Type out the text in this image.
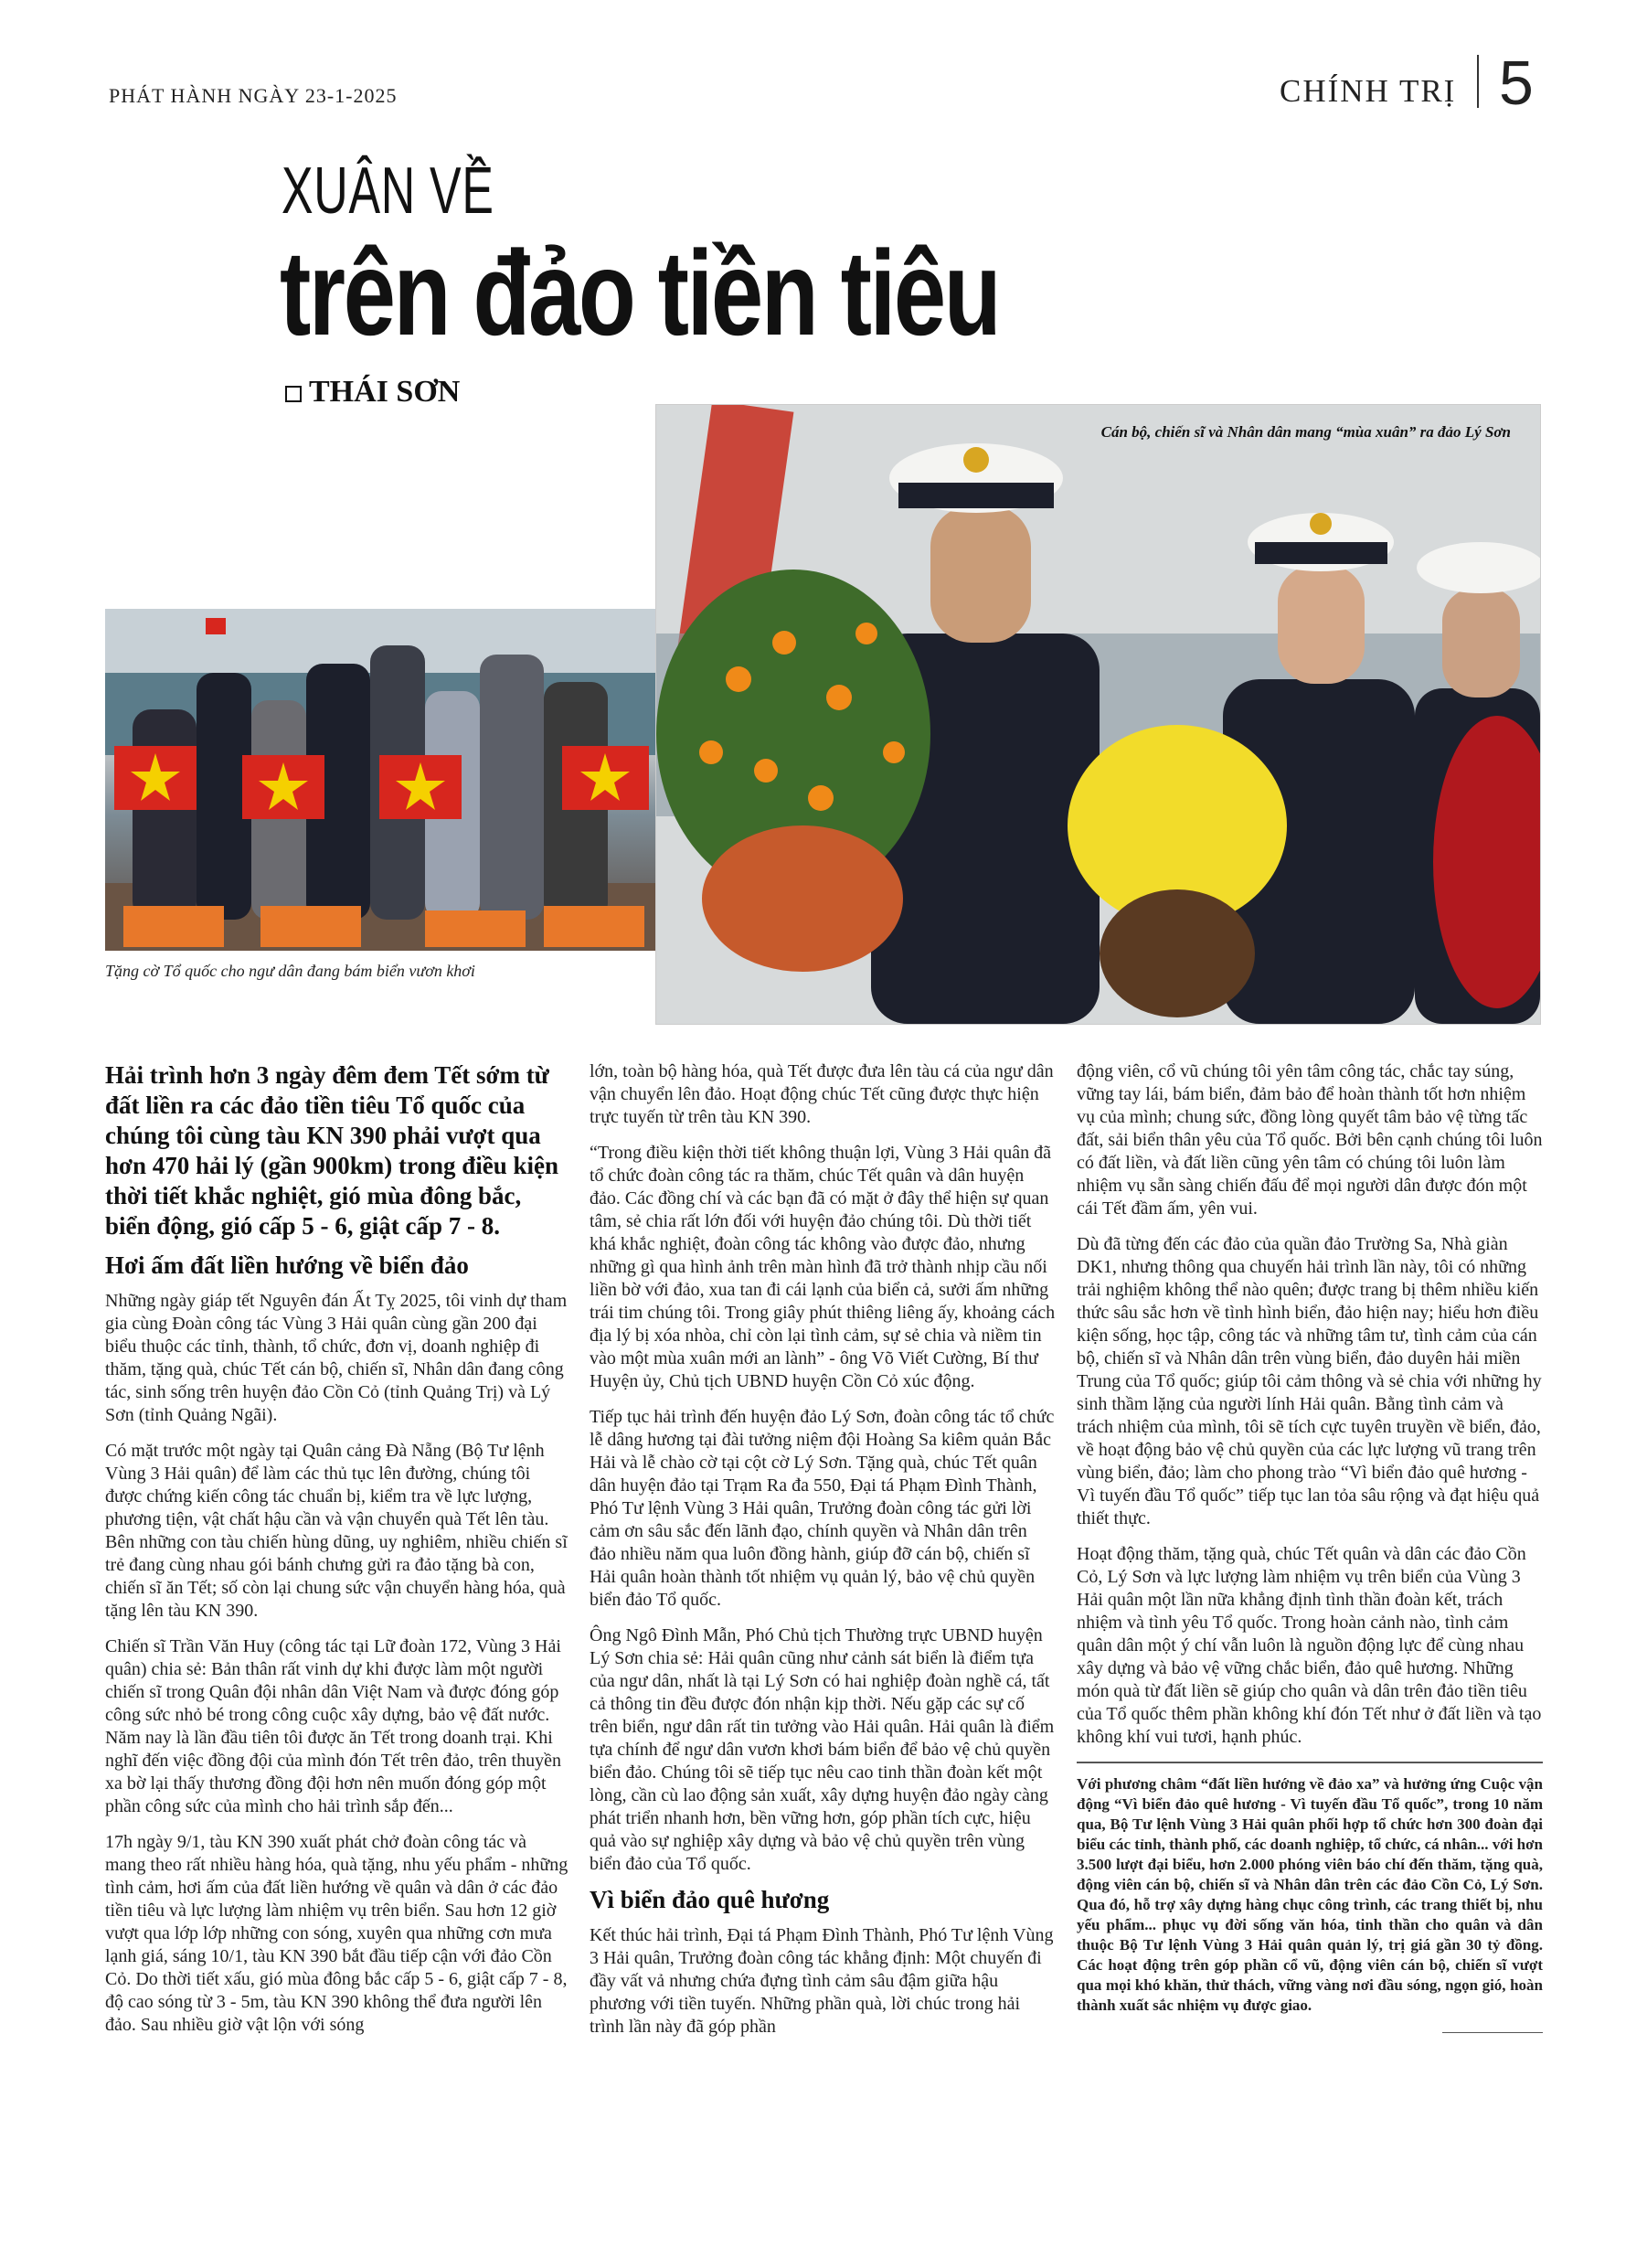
PHÁT HÀNH NGÀY 23-1-2025	CHÍNH TRỊ 5
XUÂN VỀ
trên đảo tiền tiêu
THÁI SƠN
Tặng cờ Tổ quốc cho ngư dân đang bám biển vươn khơi
Cán bộ, chiến sĩ và Nhân dân mang “mùa xuân” ra đảo Lý Sơn

Hải trình hơn 3 ngày đêm đem Tết sớm từ đất liền ra các đảo tiền tiêu Tổ quốc của chúng tôi cùng tàu KN 390 phải vượt qua hơn 470 hải lý (gần 900km) trong điều kiện thời tiết khắc nghiệt, gió mùa đông bắc, biển động, gió cấp 5 - 6, giật cấp 7 - 8.

Hơi ấm đất liền hướng về biển đảo

Những ngày giáp tết Nguyên đán Ất Tỵ 2025, tôi vinh dự tham gia cùng Đoàn công tác Vùng 3 Hải quân cùng gần 200 đại biểu thuộc các tỉnh, thành, tổ chức, đơn vị, doanh nghiệp đi thăm, tặng quà, chúc Tết cán bộ, chiến sĩ, Nhân dân đang công tác, sinh sống trên huyện đảo Cồn Cỏ (tỉnh Quảng Trị) và Lý Sơn (tỉnh Quảng Ngãi).

Có mặt trước một ngày tại Quân cảng Đà Nẵng (Bộ Tư lệnh Vùng 3 Hải quân) để làm các thủ tục lên đường, chúng tôi được chứng kiến công tác chuẩn bị, kiểm tra về lực lượng, phương tiện, vật chất hậu cần và vận chuyển quà Tết lên tàu. Bên những con tàu chiến hùng dũng, uy nghiêm, nhiều chiến sĩ trẻ đang cùng nhau gói bánh chưng gửi ra đảo tặng bà con, chiến sĩ ăn Tết; số còn lại chung sức vận chuyển hàng hóa, quà tặng lên tàu KN 390.

Chiến sĩ Trần Văn Huy (công tác tại Lữ đoàn 172, Vùng 3 Hải quân) chia sẻ: Bản thân rất vinh dự khi được làm một người chiến sĩ trong Quân đội nhân dân Việt Nam và được đóng góp công sức nhỏ bé trong công cuộc xây dựng, bảo vệ đất nước. Năm nay là lần đầu tiên tôi được ăn Tết trong doanh trại. Khi nghĩ đến việc đồng đội của mình đón Tết trên đảo, trên thuyền xa bờ lại thấy thương đồng đội hơn nên muốn đóng góp một phần công sức của mình cho hải trình sắp đến...

17h ngày 9/1, tàu KN 390 xuất phát chở đoàn công tác và mang theo rất nhiều hàng hóa, quà tặng, nhu yếu phẩm - những tình cảm, hơi ấm của đất liền hướng về quân và dân ở các đảo tiền tiêu và lực lượng làm nhiệm vụ trên biển. Sau hơn 12 giờ vượt qua lớp lớp những con sóng, xuyên qua những cơn mưa lạnh giá, sáng 10/1, tàu KN 390 bắt đầu tiếp cận với đảo Cồn Cỏ. Do thời tiết xấu, gió mùa đông bắc cấp 5 - 6, giật cấp 7 - 8, độ cao sóng từ 3 - 5m, tàu KN 390 không thể đưa người lên đảo. Sau nhiều giờ vật lộn với sóng

lớn, toàn bộ hàng hóa, quà Tết được đưa lên tàu cá của ngư dân vận chuyển lên đảo. Hoạt động chúc Tết cũng được thực hiện trực tuyến từ trên tàu KN 390.

“Trong điều kiện thời tiết không thuận lợi, Vùng 3 Hải quân đã tổ chức đoàn công tác ra thăm, chúc Tết quân và dân huyện đảo. Các đồng chí và các bạn đã có mặt ở đây thể hiện sự quan tâm, sẻ chia rất lớn đối với huyện đảo chúng tôi. Dù thời tiết khá khắc nghiệt, đoàn công tác không vào được đảo, nhưng những gì qua hình ảnh trên màn hình đã trở thành nhịp cầu nối liền bờ với đảo, xua tan đi cái lạnh của biển cả, sưởi ấm những trái tim chúng tôi. Trong giây phút thiêng liêng ấy, khoảng cách địa lý bị xóa nhòa, chỉ còn lại tình cảm, sự sẻ chia và niềm tin vào một mùa xuân mới an lành” - ông Võ Viết Cường, Bí thư Huyện ủy, Chủ tịch UBND huyện Cồn Cỏ xúc động.

Tiếp tục hải trình đến huyện đảo Lý Sơn, đoàn công tác tổ chức lễ dâng hương tại đài tưởng niệm đội Hoàng Sa kiêm quản Bắc Hải và lễ chào cờ tại cột cờ Lý Sơn. Tặng quà, chúc Tết quân dân huyện đảo tại Trạm Ra đa 550, Đại tá Phạm Đình Thành, Phó Tư lệnh Vùng 3 Hải quân, Trưởng đoàn công tác gửi lời cảm ơn sâu sắc đến lãnh đạo, chính quyền và Nhân dân trên đảo nhiều năm qua luôn đồng hành, giúp đỡ cán bộ, chiến sĩ Hải quân hoàn thành tốt nhiệm vụ quản lý, bảo vệ chủ quyền biển đảo Tổ quốc.

Ông Ngô Đình Mẫn, Phó Chủ tịch Thường trực UBND huyện Lý Sơn chia sẻ: Hải quân cũng như cảnh sát biển là điểm tựa của ngư dân, nhất là tại Lý Sơn có hai nghiệp đoàn nghề cá, tất cả thông tin đều được đón nhận kịp thời. Nếu gặp các sự cố trên biển, ngư dân rất tin tưởng vào Hải quân. Hải quân là điểm tựa chính để ngư dân vươn khơi bám biển để bảo vệ chủ quyền biển đảo. Chúng tôi sẽ tiếp tục nêu cao tinh thần đoàn kết một lòng, cần cù lao động sản xuất, xây dựng huyện đảo ngày càng phát triển nhanh hơn, bền vững hơn, góp phần tích cực, hiệu quả vào sự nghiệp xây dựng và bảo vệ chủ quyền trên vùng biển đảo của Tổ quốc.

Vì biển đảo quê hương

Kết thúc hải trình, Đại tá Phạm Đình Thành, Phó Tư lệnh Vùng 3 Hải quân, Trưởng đoàn công tác khẳng định: Một chuyến đi đầy vất vả nhưng chứa đựng tình cảm sâu đậm giữa hậu phương với tiền tuyến. Những phần quà, lời chúc trong hải trình lần này đã góp phần

động viên, cổ vũ chúng tôi yên tâm công tác, chắc tay súng, vững tay lái, bám biển, đảm bảo để hoàn thành tốt hơn nhiệm vụ của mình; chung sức, đồng lòng quyết tâm bảo vệ từng tấc đất, sải biển thân yêu của Tổ quốc. Bởi bên cạnh chúng tôi luôn có đất liền, và đất liền cũng yên tâm có chúng tôi luôn làm nhiệm vụ sẵn sàng chiến đấu để mọi người dân được đón một cái Tết đầm ấm, yên vui.

Dù đã từng đến các đảo của quần đảo Trường Sa, Nhà giàn DK1, nhưng thông qua chuyến hải trình lần này, tôi có những trải nghiệm không thể nào quên; được trang bị thêm nhiều kiến thức sâu sắc hơn về tình hình biển, đảo hiện nay; hiểu hơn điều kiện sống, học tập, công tác và những tâm tư, tình cảm của cán bộ, chiến sĩ và Nhân dân trên vùng biển, đảo duyên hải miền Trung của Tổ quốc; giúp tôi cảm thông và sẻ chia với những hy sinh thầm lặng của người lính Hải quân. Bằng tình cảm và trách nhiệm của mình, tôi sẽ tích cực tuyên truyền về biển, đảo, về hoạt động bảo vệ chủ quyền của các lực lượng vũ trang trên vùng biển, đảo; làm cho phong trào “Vì biển đảo quê hương - Vì tuyến đầu Tổ quốc” tiếp tục lan tỏa sâu rộng và đạt hiệu quả thiết thực.

Hoạt động thăm, tặng quà, chúc Tết quân và dân các đảo Cồn Cỏ, Lý Sơn và lực lượng làm nhiệm vụ trên biển của Vùng 3 Hải quân một lần nữa khẳng định tình thần đoàn kết, trách nhiệm và tình yêu Tổ quốc. Trong hoàn cảnh nào, tình cảm quân dân một ý chí vẫn luôn là nguồn động lực để cùng nhau xây dựng và bảo vệ vững chắc biển, đảo quê hương. Những món quà từ đất liền sẽ giúp cho quân và dân trên đảo tiền tiêu của Tổ quốc thêm phần không khí đón Tết như ở đất liền và tạo không khí vui tươi, hạnh phúc.

Với phương châm “đất liền hướng về đảo xa” và hưởng ứng Cuộc vận động “Vì biển đảo quê hương - Vì tuyến đầu Tổ quốc”, trong 10 năm qua, Bộ Tư lệnh Vùng 3 Hải quân phối hợp tổ chức hơn 300 đoàn đại biểu các tỉnh, thành phố, các doanh nghiệp, tổ chức, cá nhân... với hơn 3.500 lượt đại biểu, hơn 2.000 phóng viên báo chí đến thăm, tặng quà, động viên cán bộ, chiến sĩ và Nhân dân trên các đảo Cồn Cỏ, Lý Sơn. Qua đó, hỗ trợ xây dựng hàng chục công trình, các trang thiết bị, nhu yếu phẩm... phục vụ đời sống văn hóa, tinh thần cho quân và dân thuộc Bộ Tư lệnh Vùng 3 Hải quân quản lý, trị giá gần 30 tỷ đồng. Các hoạt động trên góp phần cổ vũ, động viên cán bộ, chiến sĩ vượt qua mọi khó khăn, thử thách, vững vàng nơi đầu sóng, ngọn gió, hoàn thành xuất sắc nhiệm vụ được giao.
